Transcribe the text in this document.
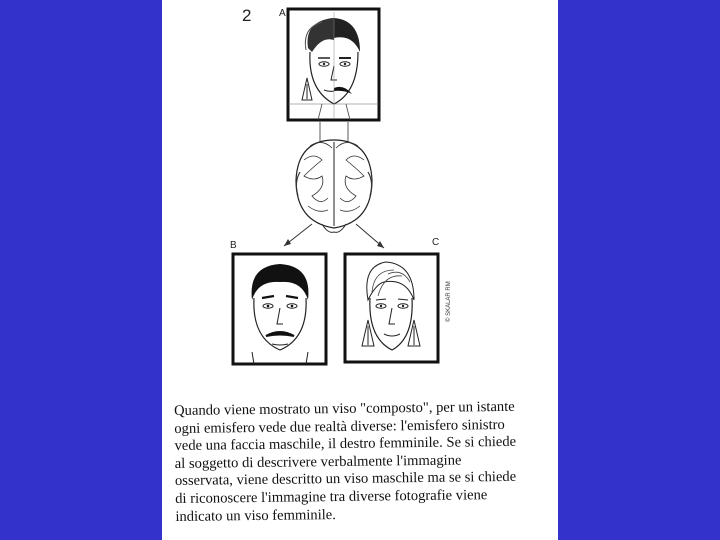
2	A
B	C
© SKALAR RM
Quando viene mostrato un viso "composto", per un istante
ogni emisfero vede due realtà diverse: l'emisfero sinistro
vede una faccia maschile, il destro femminile. Se si chiede
al soggetto di descrivere verbalmente l'immagine
osservata, viene descritto un viso maschile ma se si chiede
di riconoscere l'immagine tra diverse fotografie viene
indicato un viso femminile.
